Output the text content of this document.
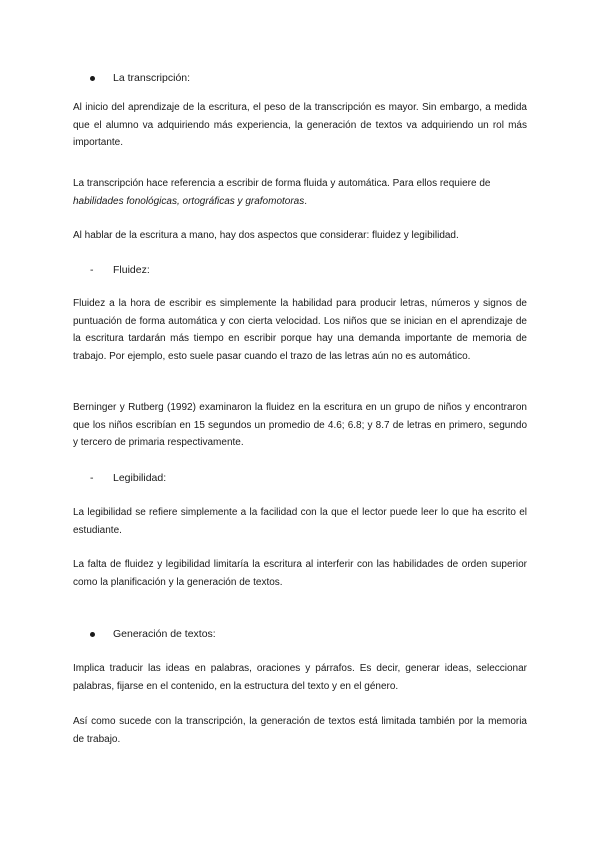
La transcripción:

Al inicio del aprendizaje de la escritura, el peso de la transcripción es mayor. Sin embargo, a medida que el alumno va adquiriendo más experiencia, la generación de textos va adquiriendo un rol más importante.

La transcripción hace referencia a escribir de forma fluida y automática. Para ellos requiere de
habilidades fonológicas, ortográficas y grafomotoras.

Al hablar de la escritura a mano, hay dos aspectos que considerar: fluidez y legibilidad.

-	Fluidez:

Fluidez a la hora de escribir es simplemente la habilidad para producir letras, números y signos de puntuación de forma automática y con cierta velocidad. Los niños que se inician en el aprendizaje de la escritura tardarán más tiempo en escribir porque hay una demanda importante de memoria de trabajo. Por ejemplo, esto suele pasar cuando el trazo de las letras aún no es automático.

Berninger y Rutberg (1992) examinaron la fluidez en la escritura en un grupo de niños y encontraron que los niños escribían en 15 segundos un promedio de 4.6; 6.8; y 8.7 de letras en primero, segundo y tercero de primaria respectivamente.

-	Legibilidad:

La legibilidad se refiere simplemente a la facilidad con la que el lector puede leer lo que ha escrito el estudiante.

La falta de fluidez y legibilidad limitaría la escritura al interferir con las habilidades de orden superior como la planificación y la generación de textos.

Generación de textos:

Implica traducir las ideas en palabras, oraciones y párrafos. Es decir, generar ideas, seleccionar palabras, fijarse en el contenido, en la estructura del texto y en el género.

Así como sucede con la transcripción, la generación de textos está limitada también por la memoria de trabajo.
